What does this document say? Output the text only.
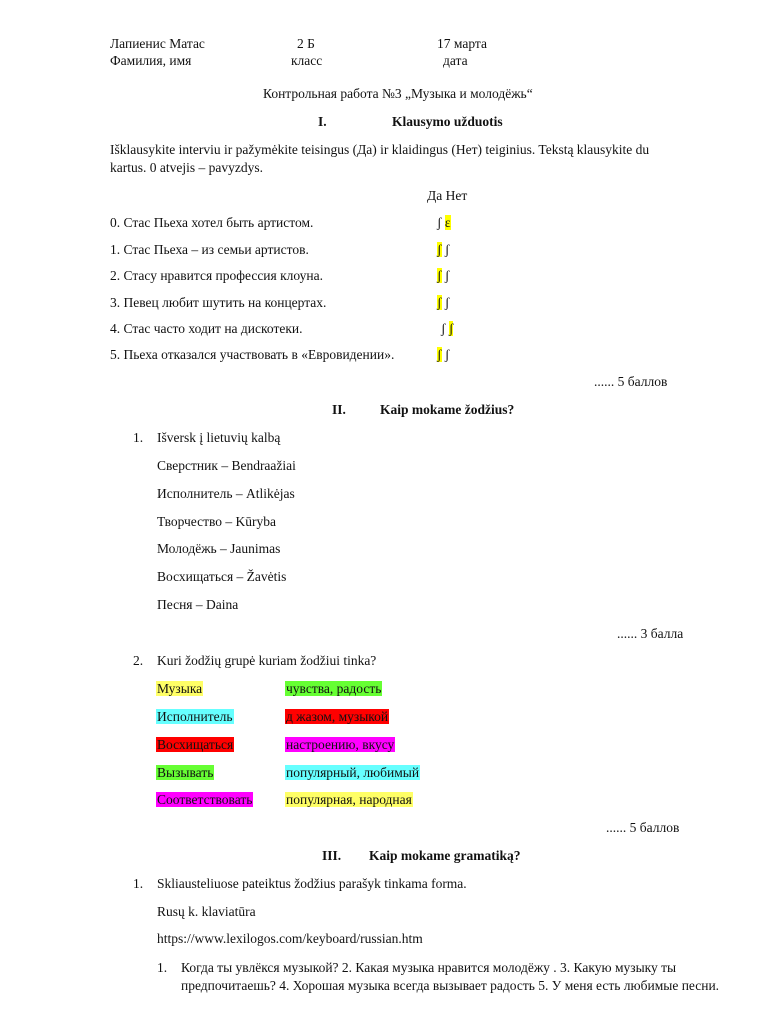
Лапиенис Матас	2 Б	17 марта
Фамилия, имя	класс	дата
Контрольная работа №3 „Музыка и молодёжь“
I.	Klausymo užduotis
Išklausykite interviu ir pažymėkite teisingus (Да) ir klaidingus (Нет) teiginius. Tekstą klausykite du
kartus. 0 atvejis – pavyzdys.
Да Нет
0. Стас Пьеха хотел быть артистом.	ʃ ɛ
1. Стас Пьеха – из семьи артистов.	ʃ ʃ
2. Стасу нравится профессия клоуна.	ʃ ʃ
3. Певец любит шутить на концертах.	ʃ ʃ
4. Стас часто ходит на дискотеки.	ʃ ʃ
5. Пьеха отказался участвовать в «Евровидении».	ʃ ʃ
...... 5 баллов
II.	Kaip mokame žodžius?
1. Išversk į lietuvių kalbą
Сверстник – Bendraažiai
Исполнитель – Atlikėjas
Творчество – Kūryba
Молодёжь – Jaunimas
Восхищаться – Žavėtis
Песня – Daina
...... 3 балла
2. Kuri žodžių grupė kuriam žodžiui tinka?
Музыка	чувства, радость
Исполнитель	д жазом, музыкой
Восхищаться	настроению, вкусу
Вызывать	популярный, любимый
Соответствовать популярная, народная
...... 5 баллов
III. Kaip mokame gramatiką?
1. Skliausteliuose pateiktus žodžius parašyk tinkama forma.
Rusų k. klaviatūra
https://www.lexilogos.com/keyboard/russian.htm
1. Когда ты увлёкся музыкой? 2. Какая музыка нравится молодёжу . 3. Какую музыку ты предпочитаешь? 4. Хорошая музыка всегда вызывает радость 5. У меня есть любимые песни.
